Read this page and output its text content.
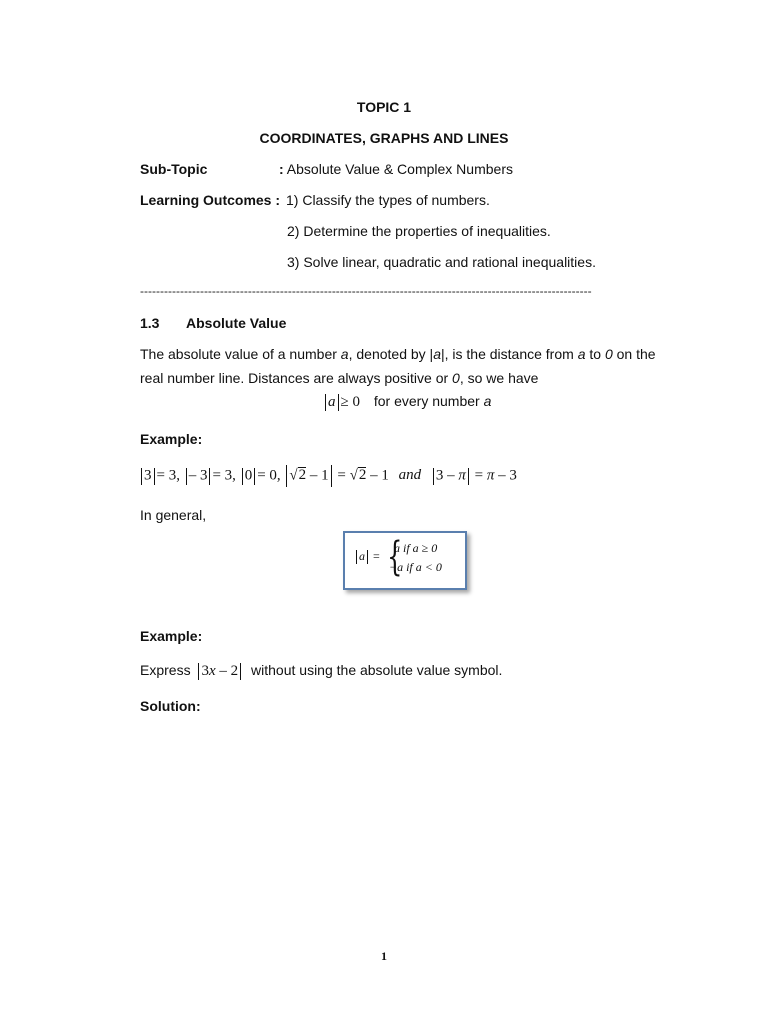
TOPIC 1
COORDINATES, GRAPHS AND LINES
Sub-Topic	: Absolute Value & Complex Numbers
Learning Outcomes : 1) Classify the types of numbers.
2) Determine the properties of inequalities.
3) Solve linear, quadratic and rational inequalities.
-----------------------------------------------------------------------------------------------------------------
1.3 Absolute Value
The absolute value of a number a, denoted by |a|, is the distance from a to 0 on the
real number line. Distances are always positive or 0, so we have
a ≥ 0 for every number a
Example:
3 = 3, – 3 = 3, 0 = 0, √2 – 1 = √2 – 1 and 3 – π = π – 3
In general,
a = {
a if a ≥ 0
−a if a < 0
Example:
Express 3x – 2 without using the absolute value symbol.
Solution:
1
